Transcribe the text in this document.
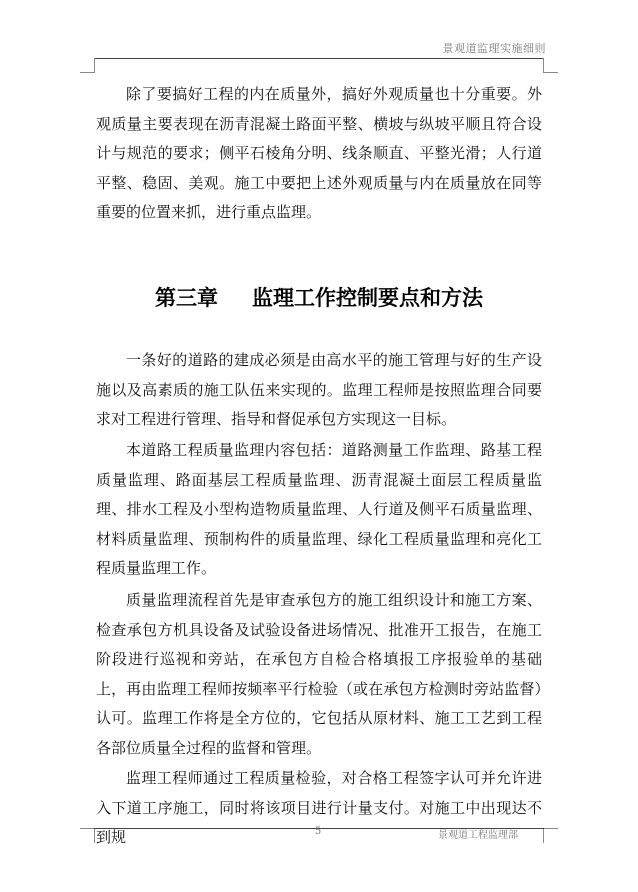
景观道监理实施细则

除了要搞好工程的内在质量外，搞好外观质量也十分重要。外观质量主要表现在沥青混凝土路面平整、横坡与纵坡平顺且符合设计与规范的要求；侧平石棱角分明、线条顺直、平整光滑；人行道平整、稳固、美观。施工中要把上述外观质量与内在质量放在同等重要的位置来抓，进行重点监理。

第三章 监理工作控制要点和方法

一条好的道路的建成必须是由高水平的施工管理与好的生产设施以及高素质的施工队伍来实现的。监理工程师是按照监理合同要求对工程进行管理、指导和督促承包方实现这一目标。

本道路工程质量监理内容包括：道路测量工作监理、路基工程质量监理、路面基层工程质量监理、沥青混凝土面层工程质量监理、排水工程及小型构造物质量监理、人行道及侧平石质量监理、材料质量监理、预制构件的质量监理、绿化工程质量监理和亮化工程质量监理工作。

质量监理流程首先是审查承包方的施工组织设计和施工方案、检查承包方机具设备及试验设备进场情况、批准开工报告，在施工阶段进行巡视和旁站，在承包方自检合格填报工序报验单的基础上，再由监理工程师按频率平行检验（或在承包方检测时旁站监督）认可。监理工作将是全方位的，它包括从原材料、施工工艺到工程各部位质量全过程的监督和管理。

监理工程师通过工程质量检验，对合格工程签字认可并允许进入下道工序施工，同时将该项目进行计量支付。对施工中出现达不到规	5	景观道工程监理部
